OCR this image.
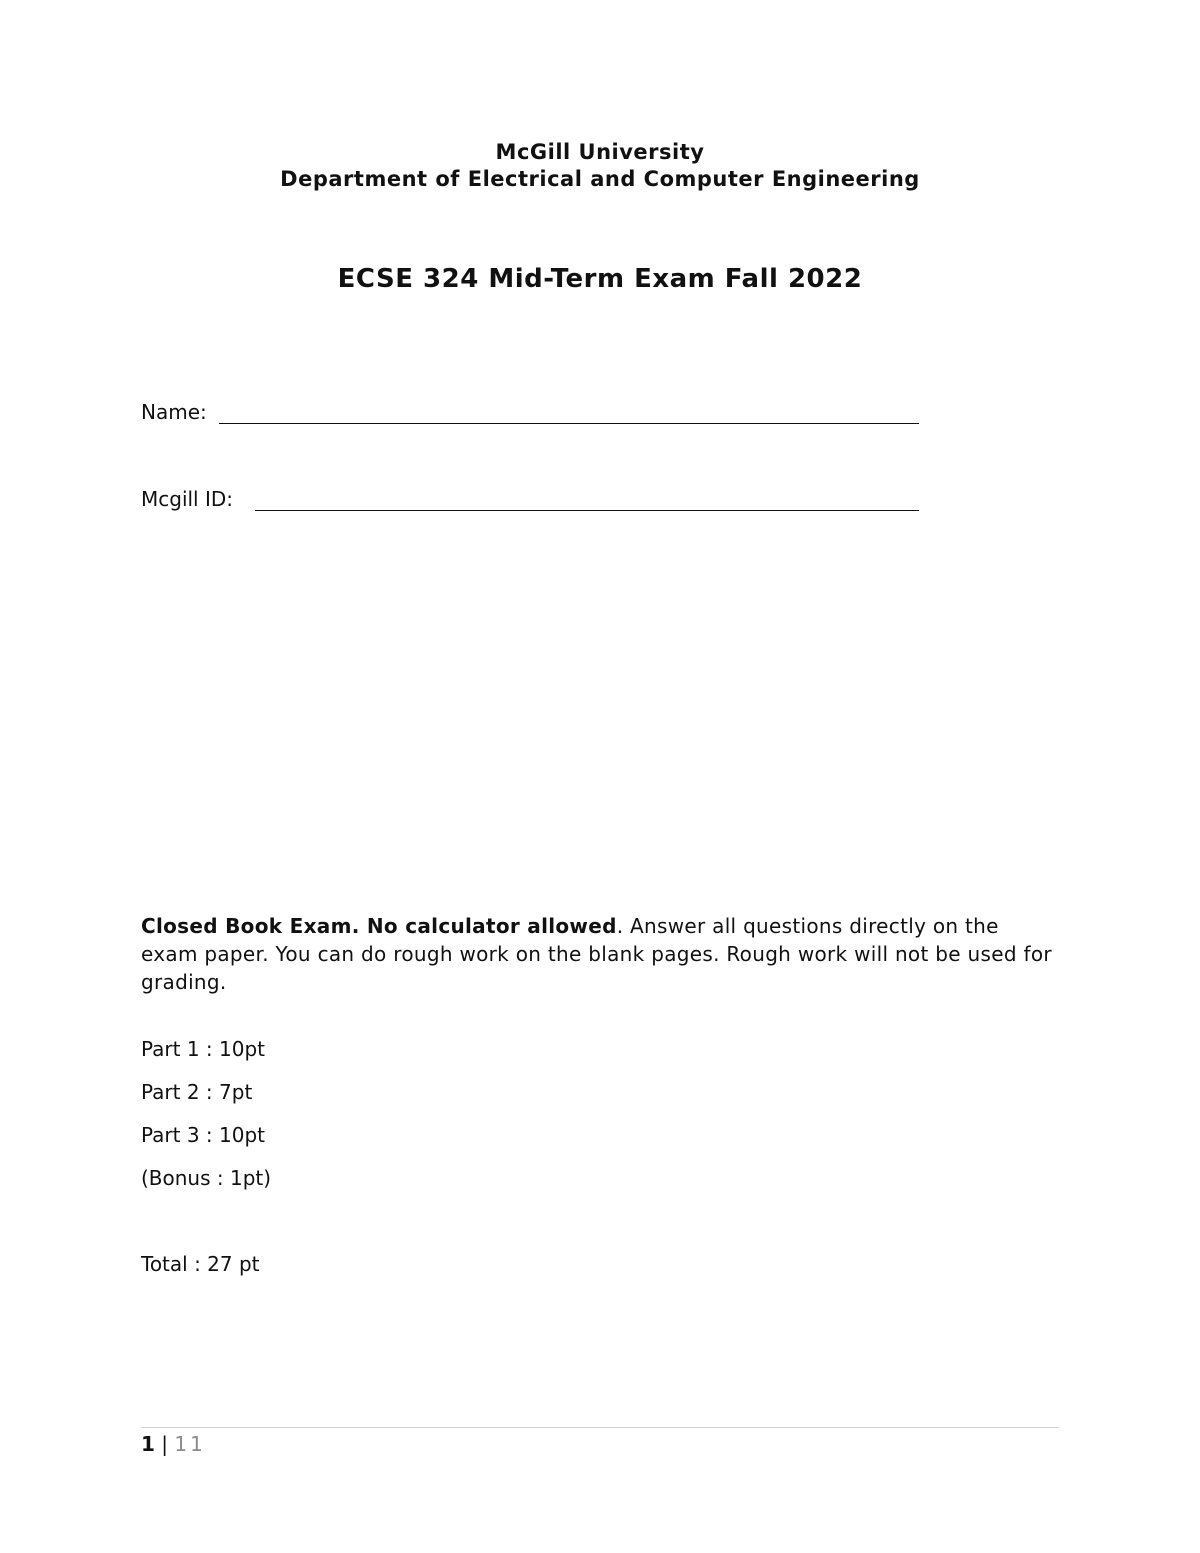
McGill University
Department of Electrical and Computer Engineering
ECSE 324 Mid-Term Exam Fall 2022
Name:
Mcgill ID:
Closed Book Exam. No calculator allowed. Answer all questions directly on the exam paper. You can do rough work on the blank pages. Rough work will not be used for grading.
Part 1 : 10pt
Part 2 : 7pt
Part 3 : 10pt
(Bonus : 1pt)
Total : 27 pt
1 | 11
